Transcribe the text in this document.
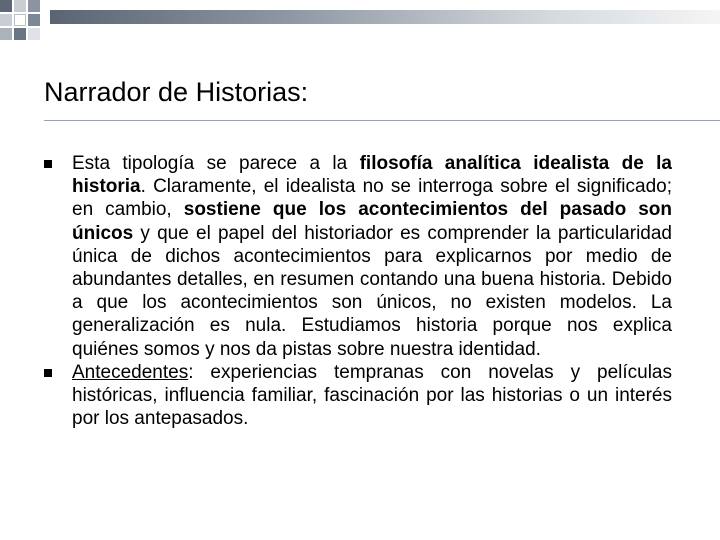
Narrador de Historias:
Esta tipología se parece a la filosofía analítica idealista de la historia. Claramente, el idealista no se interroga sobre el significado; en cambio, sostiene que los acontecimientos del pasado son únicos y que el papel del historiador es comprender la particularidad única de dichos acontecimientos para explicarnos por medio de abundantes detalles, en resumen contando una buena historia. Debido a que los acontecimientos son únicos, no existen modelos. La generalización es nula. Estudiamos historia porque nos explica quiénes somos y nos da pistas sobre nuestra identidad.
Antecedentes: experiencias tempranas con novelas y películas históricas, influencia familiar, fascinación por las historias o un interés por los antepasados.
